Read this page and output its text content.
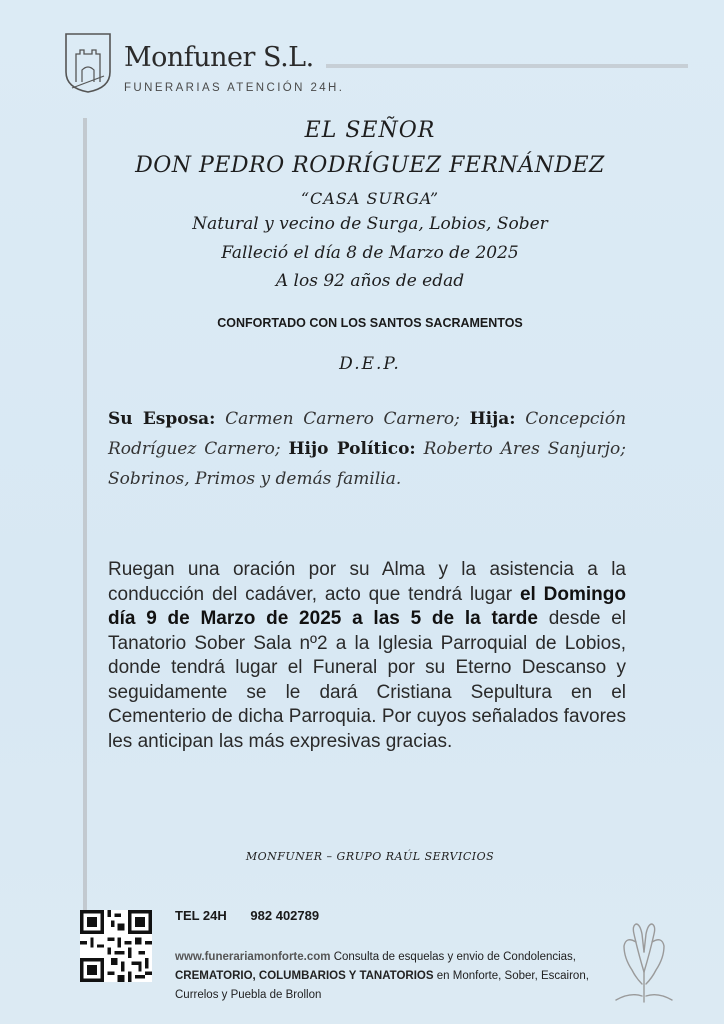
Monfuner S.L.
FUNERARIAS ATENCIÓN 24H.
EL SEÑOR
DON PEDRO RODRÍGUEZ FERNÁNDEZ
“CASA SURGA”
Natural y vecino de Surga, Lobios, Sober
Falleció el día 8 de Marzo de 2025
A los 92 años de edad
CONFORTADO CON LOS SANTOS SACRAMENTOS
D.E.P.
Su Esposa: Carmen Carnero Carnero; Hija: Concepción Rodríguez Carnero; Hijo Político: Roberto Ares Sanjurjo; Sobrinos, Primos y demás familia.
Ruegan una oración por su Alma y la asistencia a la conducción del cadáver, acto que tendrá lugar el Domingo día 9 de Marzo de 2025 a las 5 de la tarde desde el Tanatorio Sober Sala nº2 a la Iglesia Parroquial de Lobios, donde tendrá lugar el Funeral por su Eterno Descanso y seguidamente se le dará Cristiana Sepultura en el Cementerio de dicha Parroquia. Por cuyos señalados favores les anticipan las más expresivas gracias.
MONFUNER – GRUPO RAÚL SERVICIOS
TEL 24H 982 402789
www.funerariamonforte.com Consulta de esquelas y envio de Condolencias, CREMATORIO, COLUMBARIOS Y TANATORIOS en Monforte, Sober, Escairon, Currelos y Puebla de Brollon
